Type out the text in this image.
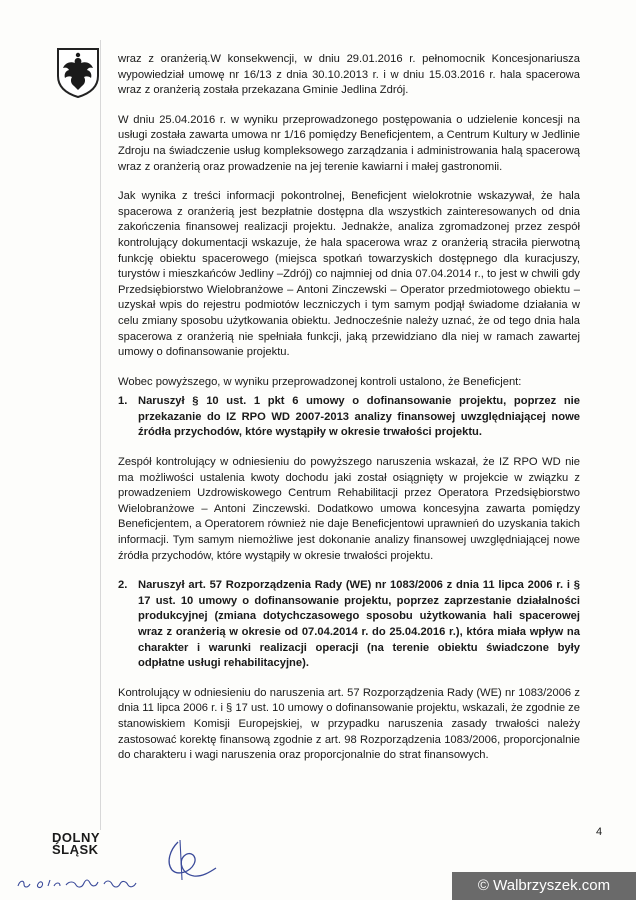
wraz z oranżerią.W konsekwencji, w dniu 29.01.2016 r. pełnomocnik Koncesjonariusza wypowiedział umowę nr 16/13 z dnia 30.10.2013 r. i w dniu 15.03.2016 r. hala spacerowa wraz z oranżerią została przekazana Gminie Jedlina Zdrój.

W dniu 25.04.2016 r. w wyniku przeprowadzonego postępowania o udzielenie koncesji na usługi została zawarta umowa nr 1/16 pomiędzy Beneficjentem, a Centrum Kultury w Jedlinie Zdroju na świadczenie usług kompleksowego zarządzania i administrowania halą spacerową wraz z oranżerią oraz prowadzenie na jej terenie kawiarni i małej gastronomii.

Jak wynika z treści informacji pokontrolnej, Beneficjent wielokrotnie wskazywał, że hala spacerowa z oranżerią jest bezpłatnie dostępna dla wszystkich zainteresowanych od dnia zakończenia finansowej realizacji projektu. Jednakże, analiza zgromadzonej przez zespół kontrolujący dokumentacji wskazuje, że hala spacerowa wraz z oranżerią straciła pierwotną funkcję obiektu spacerowego (miejsca spotkań towarzyskich dostępnego dla kuracjuszy, turystów i mieszkańców Jedliny –Zdrój) co najmniej od dnia 07.04.2014 r., to jest w chwili gdy Przedsiębiorstwo Wielobranżowe – Antoni Zinczewski – Operator przedmiotowego obiektu – uzyskał wpis do rejestru podmiotów leczniczych i tym samym podjął świadome działania w celu zmiany sposobu użytkowania obiektu. Jednocześnie należy uznać, że od tego dnia hala spacerowa z oranżerią nie spełniała funkcji, jaką przewidziano dla niej w ramach zawartej umowy o dofinansowanie projektu.

Wobec powyższego, w wyniku przeprowadzonej kontroli ustalono, że Beneficjent:

1. Naruszył § 10 ust. 1 pkt 6 umowy o dofinansowanie projektu, poprzez nie przekazanie do IZ RPO WD 2007-2013 analizy finansowej uwzględniającej nowe źródła przychodów, które wystąpiły w okresie trwałości projektu.

Zespół kontrolujący w odniesieniu do powyższego naruszenia wskazał, że IZ RPO WD nie ma możliwości ustalenia kwoty dochodu jaki został osiągnięty w projekcie w związku z prowadzeniem Uzdrowiskowego Centrum Rehabilitacji przez Operatora Przedsiębiorstwo Wielobranżowe – Antoni Zinczewski. Dodatkowo umowa koncesyjna zawarta pomiędzy Beneficjentem, a Operatorem również nie daje Beneficjentowi uprawnień do uzyskania takich informacji. Tym samym niemożliwe jest dokonanie analizy finansowej uwzględniającej nowe źródła przychodów, które wystąpiły w okresie trwałości projektu.

2. Naruszył art. 57 Rozporządzenia Rady (WE) nr 1083/2006 z dnia 11 lipca 2006 r. i § 17 ust. 10 umowy o dofinansowanie projektu, poprzez zaprzestanie działalności produkcyjnej (zmiana dotychczasowego sposobu użytkowania hali spacerowej wraz z oranżerią w okresie od 07.04.2014 r. do 25.04.2016 r.), która miała wpływ na charakter i warunki realizacji operacji (na terenie obiektu świadczone były odpłatne usługi rehabilitacyjne).

Kontrolujący w odniesieniu do naruszenia art. 57 Rozporządzenia Rady (WE) nr 1083/2006 z dnia 11 lipca 2006 r. i § 17 ust. 10 umowy o dofinansowanie projektu, wskazali, że zgodnie ze stanowiskiem Komisji Europejskiej, w przypadku naruszenia zasady trwałości należy zastosować korektę finansową zgodnie z art. 98 Rozporządzenia 1083/2006, proporcjonalnie do charakteru i wagi naruszenia oraz proporcjonalnie do strat finansowych.

DOLNY
ŚLĄSK
4
© Walbrzyszek.com
